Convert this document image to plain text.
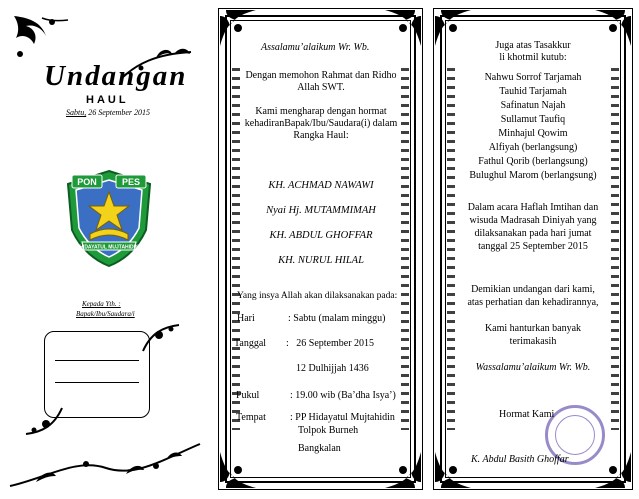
Undangan
HAUL
Sabtu, 26 September 2015
PON	PES
HIDAYATUL MUJTAHIDIN
Kepada Yth. :
Bapak/Ibu/Saudara/i
Assalamu’alaikum Wr. Wb.
Dengan memohon Rahmat dan Ridho
Allah SWT.
Kami mengharap dengan hormat
kehadiranBapak/Ibu/Saudara(i) dalam
Rangka Haul:
KH. ACHMAD NAWAWI
Nyai Hj. MUTAMMIMAH
KH. ABDUL GHOFFAR
KH. NURUL HILAL
Yang insya Allah akan dilaksanakan pada:
Hari	: Sabtu (malam minggu)
Tanggal :   26 September 2015
12 Dulhijjah 1436
Pukul	: 19.00 wib (Ba’dha Isya’)
Tempat : PP Hidayatul Mujtahidin
Tolpok Burneh
Bangkalan
Juga atas Tasakkur
li khotmil kutub:
Nahwu Sorrof Tarjamah
Tauhid Tarjamah
Safinatun Najah
Sullamut Taufiq
Minhajul Qowim
Alfiyah (berlangsung)
Fathul Qorib (berlangsung)
Bulughul Marom (berlangsung)
Dalam acara Haflah Imtihan dan
wisuda Madrasah Diniyah yang
dilaksanakan pada hari jumat
tanggal 25 September 2015
Demikian undangan dari kami,
atas perhatian dan kehadirannya,
Kami hanturkan banyak
terimakasih
Wassalamu’alaikum Wr. Wb.
Hormat Kami
K. Abdul Basith Ghoffar
